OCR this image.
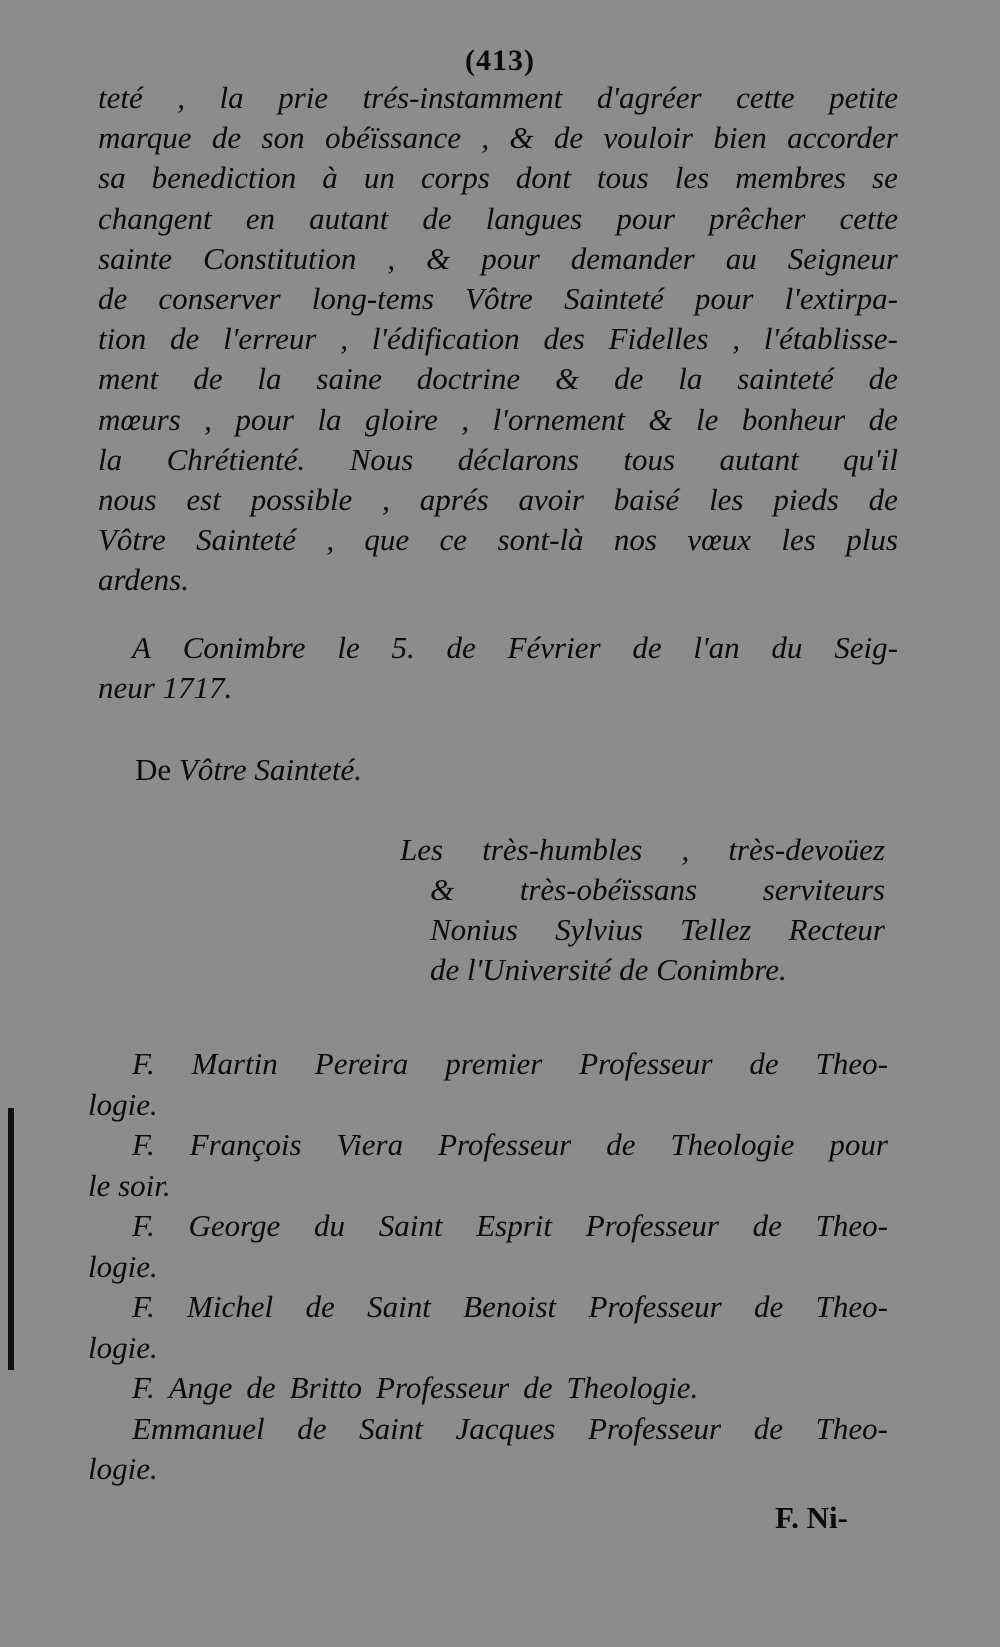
(413)
teté , la prie trés-instamment d'agréer cette petite
marque de son obéïssance , & de vouloir bien accorder
sa benediction à un corps dont tous les membres se
changent en autant de langues pour prêcher cette
sainte Constitution , & pour demander au Seigneur
de conserver long-tems Vôtre Sainteté pour l'extirpa-
tion de l'erreur , l'édification des Fidelles , l'établisse-
ment de la saine doctrine & de la sainteté de
mœurs , pour la gloire , l'ornement & le bonheur de
la Chrétienté. Nous déclarons tous autant qu'il
nous est possible , aprés avoir baisé les pieds de
Vôtre Sainteté , que ce sont-là nos vœux les plus
ardens.
A Conimbre le 5. de Février de l'an du Seig-
neur 1717.
De Vôtre Sainteté.
Les très-humbles , très-devoüez
& très-obéïssans serviteurs
Nonius Sylvius Tellez Recteur
de l'Université de Conimbre.
F. Martin Pereira premier Professeur de Theo-
logie.
F. François Viera Professeur de Theologie pour
le soir.
F. George du Saint Esprit Professeur de Theo-
logie.
F. Michel de Saint Benoist Professeur de Theo-
logie.
F. Ange de Britto Professeur de Theologie.
Emmanuel de Saint Jacques Professeur de Theo-
logie.
F. Ni-
